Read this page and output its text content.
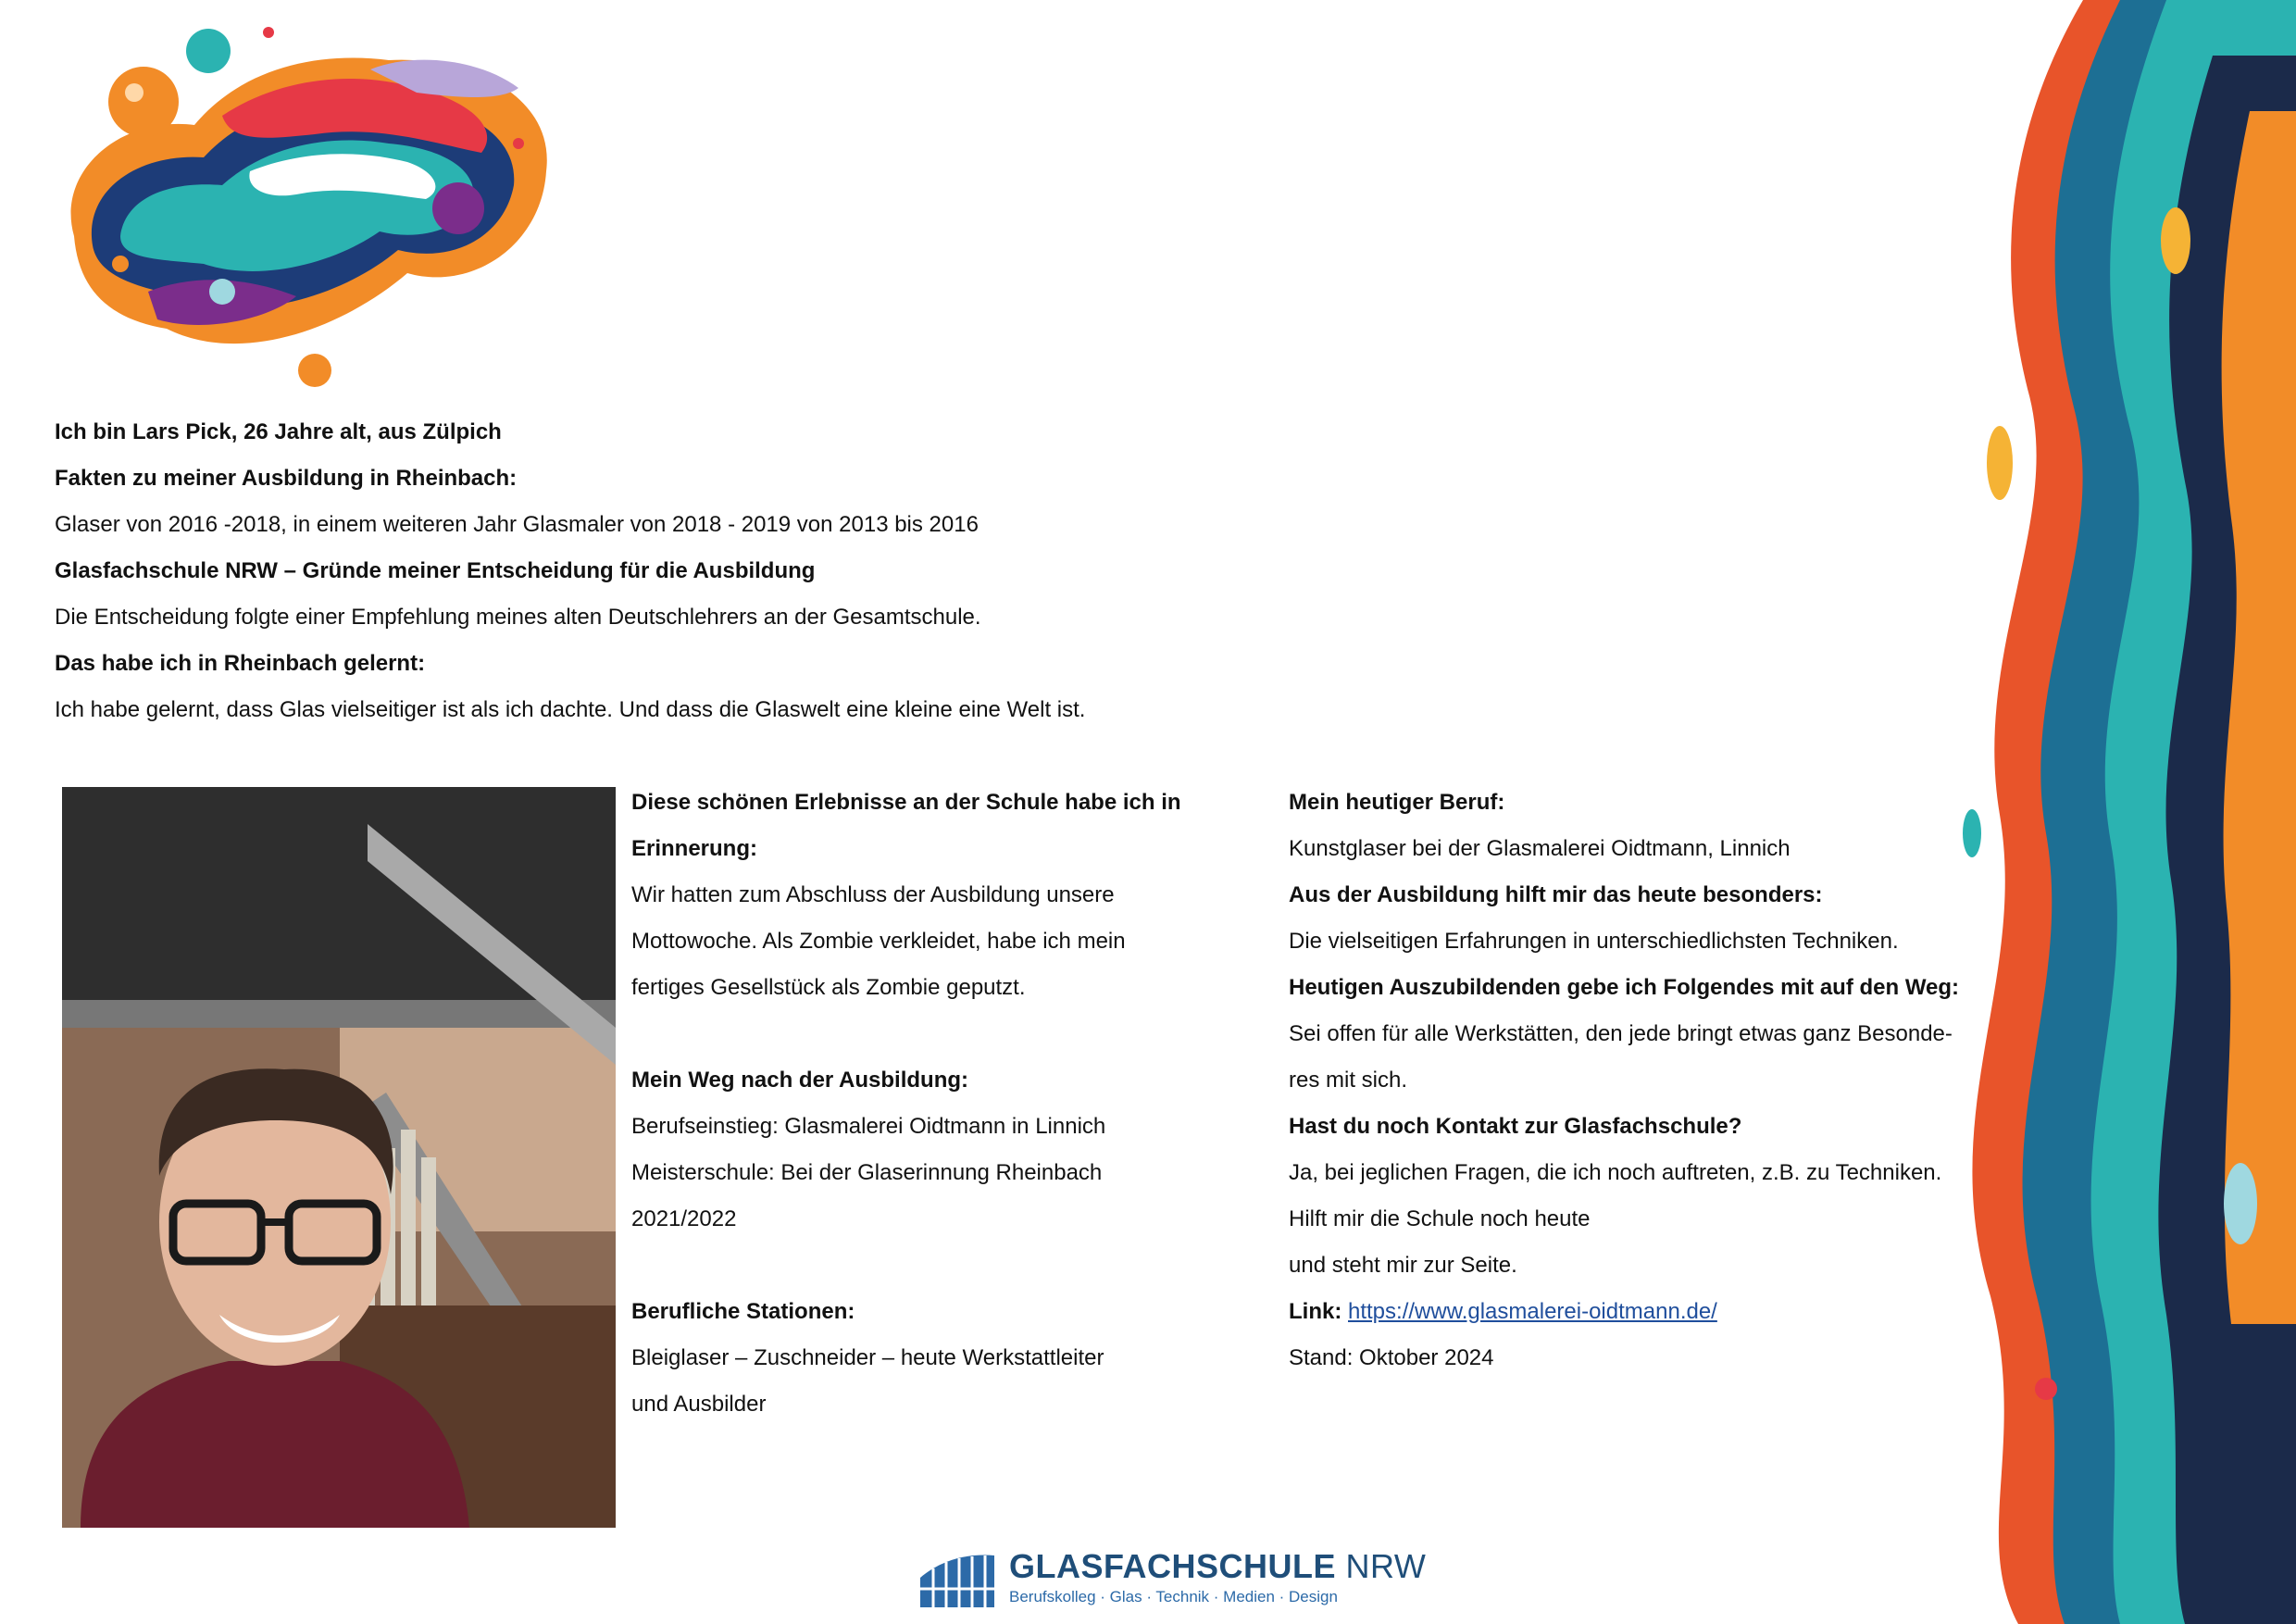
Ich bin Lars Pick, 26 Jahre alt, aus Zülpich
Fakten zu meiner Ausbildung in Rheinbach:
Glaser von 2016 -2018, in einem weiteren Jahr Glasmaler von 2018 - 2019 von 2013 bis 2016
Glasfachschule NRW – Gründe meiner Entscheidung für die Ausbildung
Die Entscheidung folgte einer Empfehlung meines alten Deutschlehrers an der Gesamtschule.
Das habe ich in Rheinbach gelernt:
Ich habe gelernt, dass Glas vielseitiger ist als ich dachte. Und dass die Glaswelt eine kleine eine Welt ist.
Diese schönen Erlebnisse an der Schule habe ich in
Erinnerung:
Wir hatten zum Abschluss der Ausbildung unsere
Mottowoche. Als Zombie verkleidet, habe ich mein
fertiges Gesellstück als Zombie geputzt.
Mein Weg nach der Ausbildung:
Berufseinstieg: Glasmalerei Oidtmann in Linnich
Meisterschule: Bei der Glaserinnung Rheinbach
2021/2022
Berufliche Stationen:
Bleiglaser – Zuschneider – heute Werkstattleiter
und Ausbilder
Mein heutiger Beruf:
Kunstglaser bei der Glasmalerei Oidtmann, Linnich
Aus der Ausbildung hilft mir das heute besonders:
Die vielseitigen Erfahrungen in unterschiedlichsten Techniken.
Heutigen Auszubildenden gebe ich Folgendes mit auf den Weg:
Sei offen für alle Werkstätten, den jede bringt etwas ganz Besonde-
res mit sich.
Hast du noch Kontakt zur Glasfachschule?
Ja, bei jeglichen Fragen, die ich noch auftreten, z.B. zu Techniken.
Hilft mir die Schule noch heute
und steht mir zur Seite.
Link: https://www.glasmalerei-oidtmann.de/
Stand: Oktober 2024
GLASFACHSCHULE NRW
Berufskolleg · Glas · Technik · Medien · Design
